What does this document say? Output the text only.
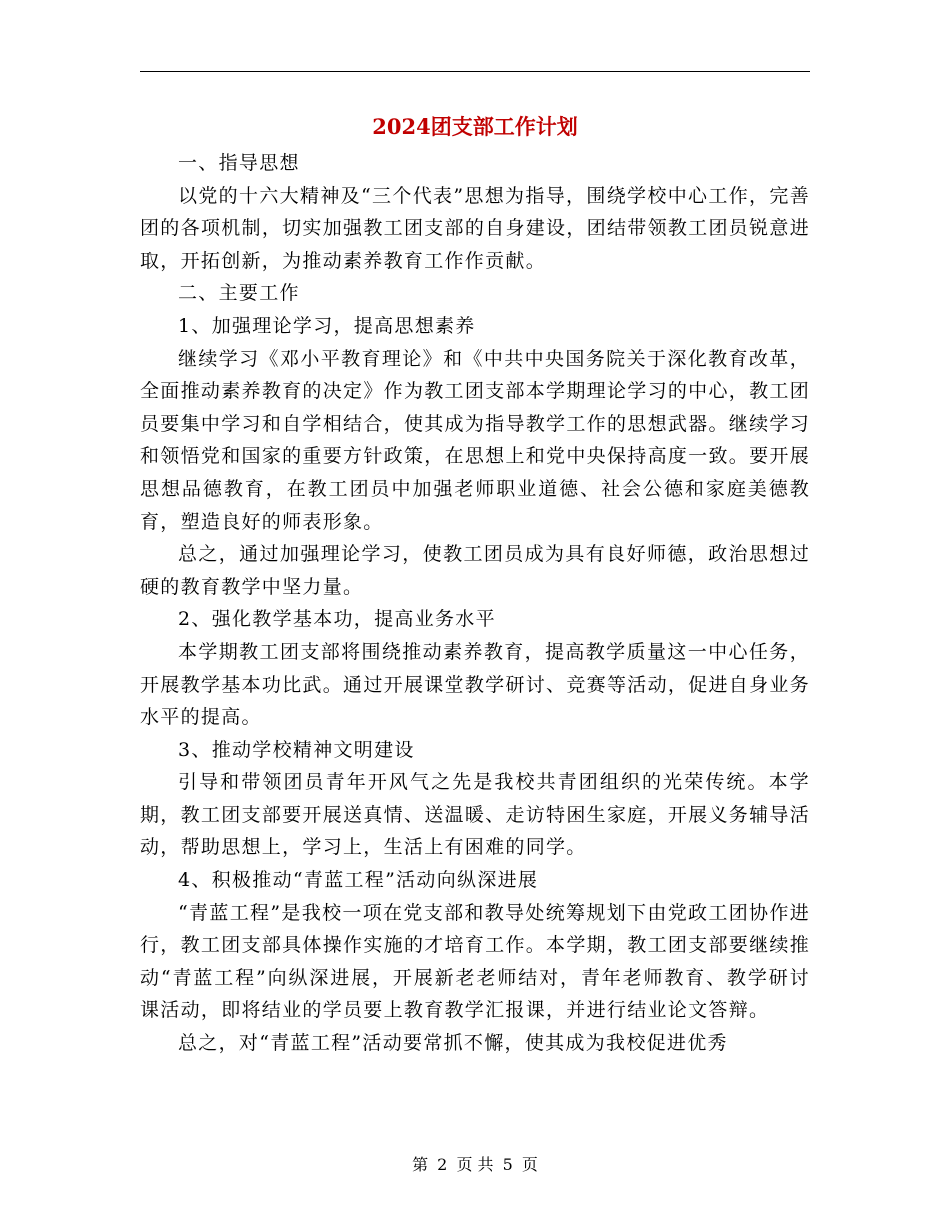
2024团支部工作计划

一、指导思想

以党的十六大精神及“三个代表”思想为指导，围绕学校中心工作，完善团的各项机制，切实加强教工团支部的自身建设，团结带领教工团员锐意进取，开拓创新，为推动素养教育工作作贡献。

二、主要工作

1、加强理论学习，提高思想素养

继续学习《邓小平教育理论》和《中共中央国务院关于深化教育改革，全面推动素养教育的决定》作为教工团支部本学期理论学习的中心，教工团员要集中学习和自学相结合，使其成为指导教学工作的思想武器。继续学习和领悟党和国家的重要方针政策，在思想上和党中央保持高度一致。要开展思想品德教育，在教工团员中加强老师职业道德、社会公德和家庭美德教育，塑造良好的师表形象。

总之，通过加强理论学习，使教工团员成为具有良好师德，政治思想过硬的教育教学中坚力量。

2、强化教学基本功，提高业务水平

本学期教工团支部将围绕推动素养教育，提高教学质量这一中心任务，开展教学基本功比武。通过开展课堂教学研讨、竞赛等活动，促进自身业务水平的提高。

3、推动学校精神文明建设

引导和带领团员青年开风气之先是我校共青团组织的光荣传统。本学期，教工团支部要开展送真情、送温暖、走访特困生家庭，开展义务辅导活动，帮助思想上，学习上，生活上有困难的同学。

4、积极推动“青蓝工程”活动向纵深进展

“青蓝工程”是我校一项在党支部和教导处统筹规划下由党政工团协作进行，教工团支部具体操作实施的才培育工作。本学期，教工团支部要继续推动“青蓝工程”向纵深进展，开展新老老师结对，青年老师教育、教学研讨课活动，即将结业的学员要上教育教学汇报课，并进行结业论文答辩。

总之，对“青蓝工程”活动要常抓不懈，使其成为我校促进优秀

第 2 页 共 5 页
